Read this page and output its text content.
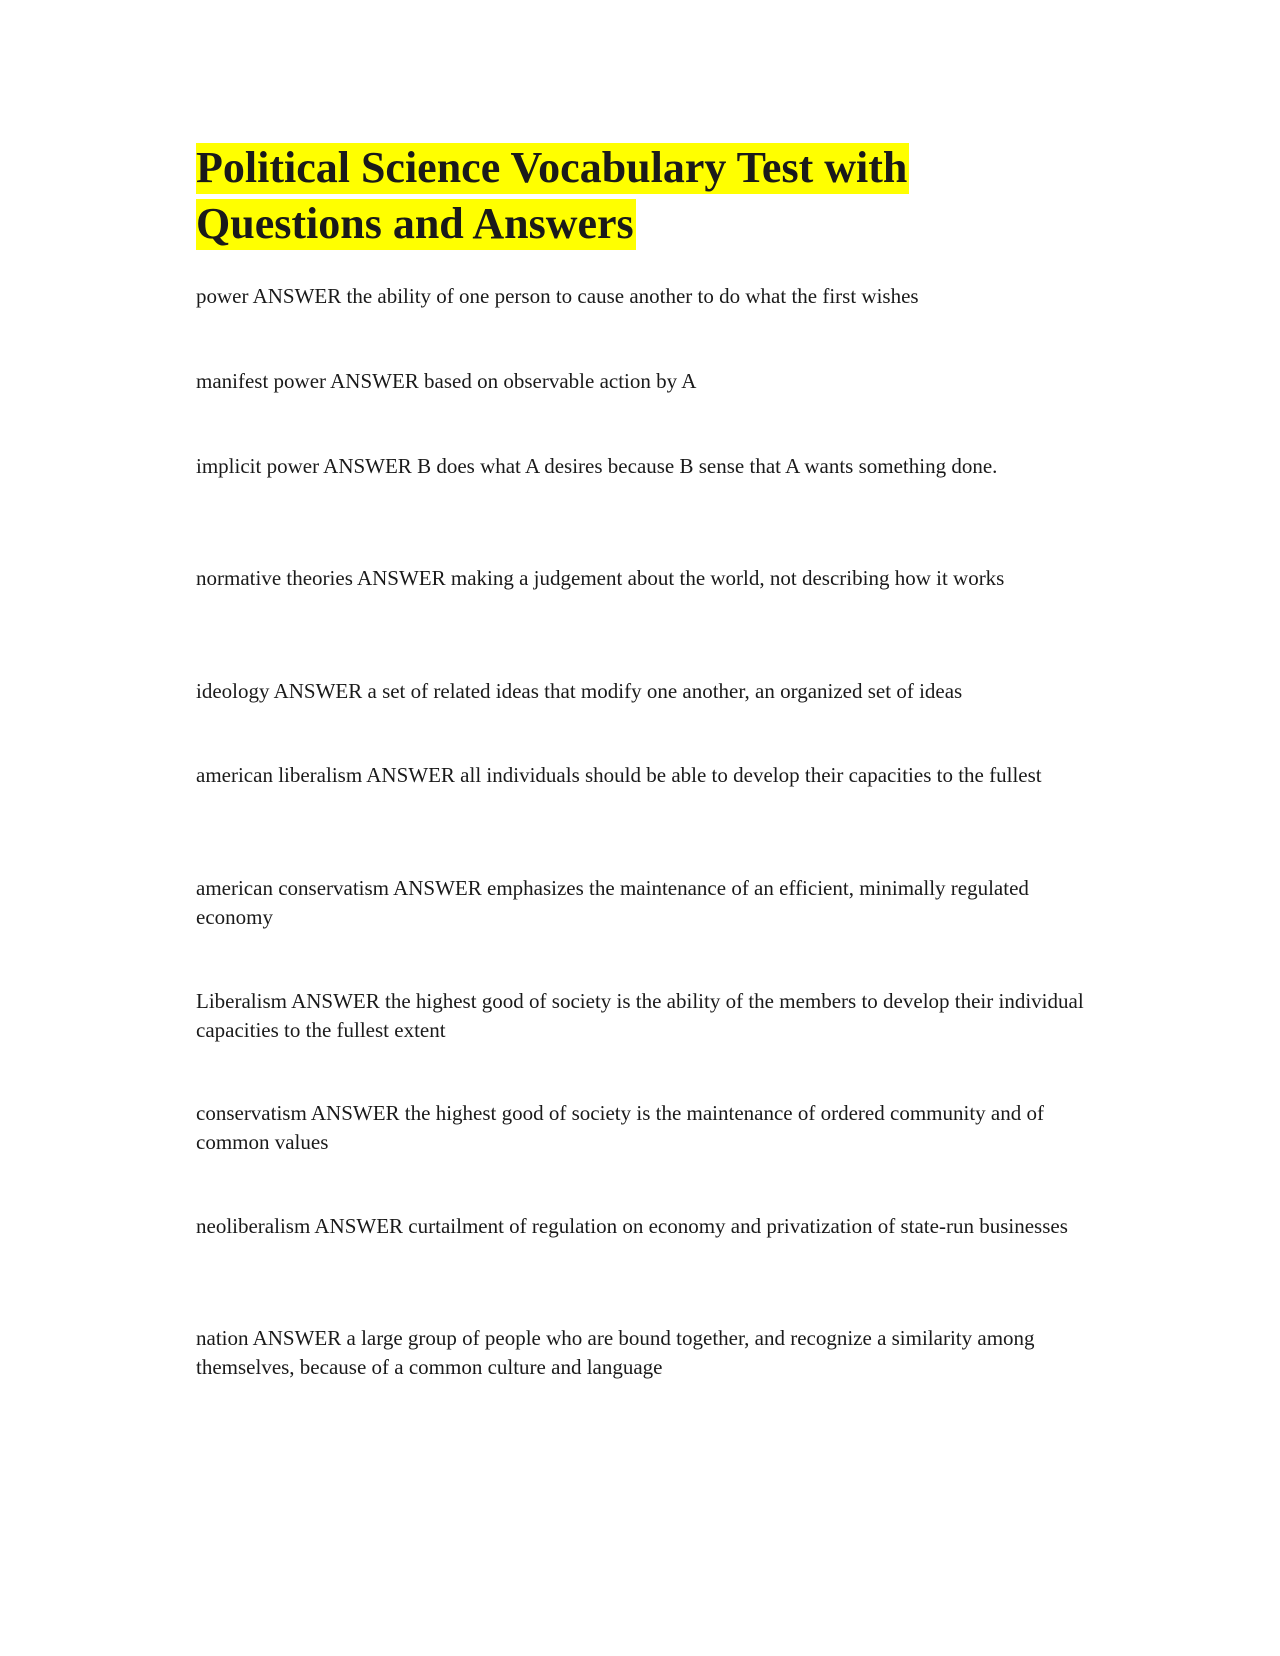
Political Science Vocabulary Test with Questions and Answers

power ANSWER the ability of one person to cause another to do what the first wishes

manifest power ANSWER based on observable action by A

implicit power ANSWER B does what A desires because B sense that A wants something done.

normative theories ANSWER making a judgement about the world, not describing how it works

ideology ANSWER a set of related ideas that modify one another, an organized set of ideas

american liberalism ANSWER all individuals should be able to develop their capacities to the fullest

american conservatism ANSWER emphasizes the maintenance of an efficient, minimally regulated economy

Liberalism ANSWER the highest good of society is the ability of the members to develop their individual capacities to the fullest extent

conservatism ANSWER the highest good of society is the maintenance of ordered community and of common values

neoliberalism ANSWER curtailment of regulation on economy and privatization of state-run businesses

nation ANSWER a large group of people who are bound together, and recognize a similarity among themselves, because of a common culture and language
